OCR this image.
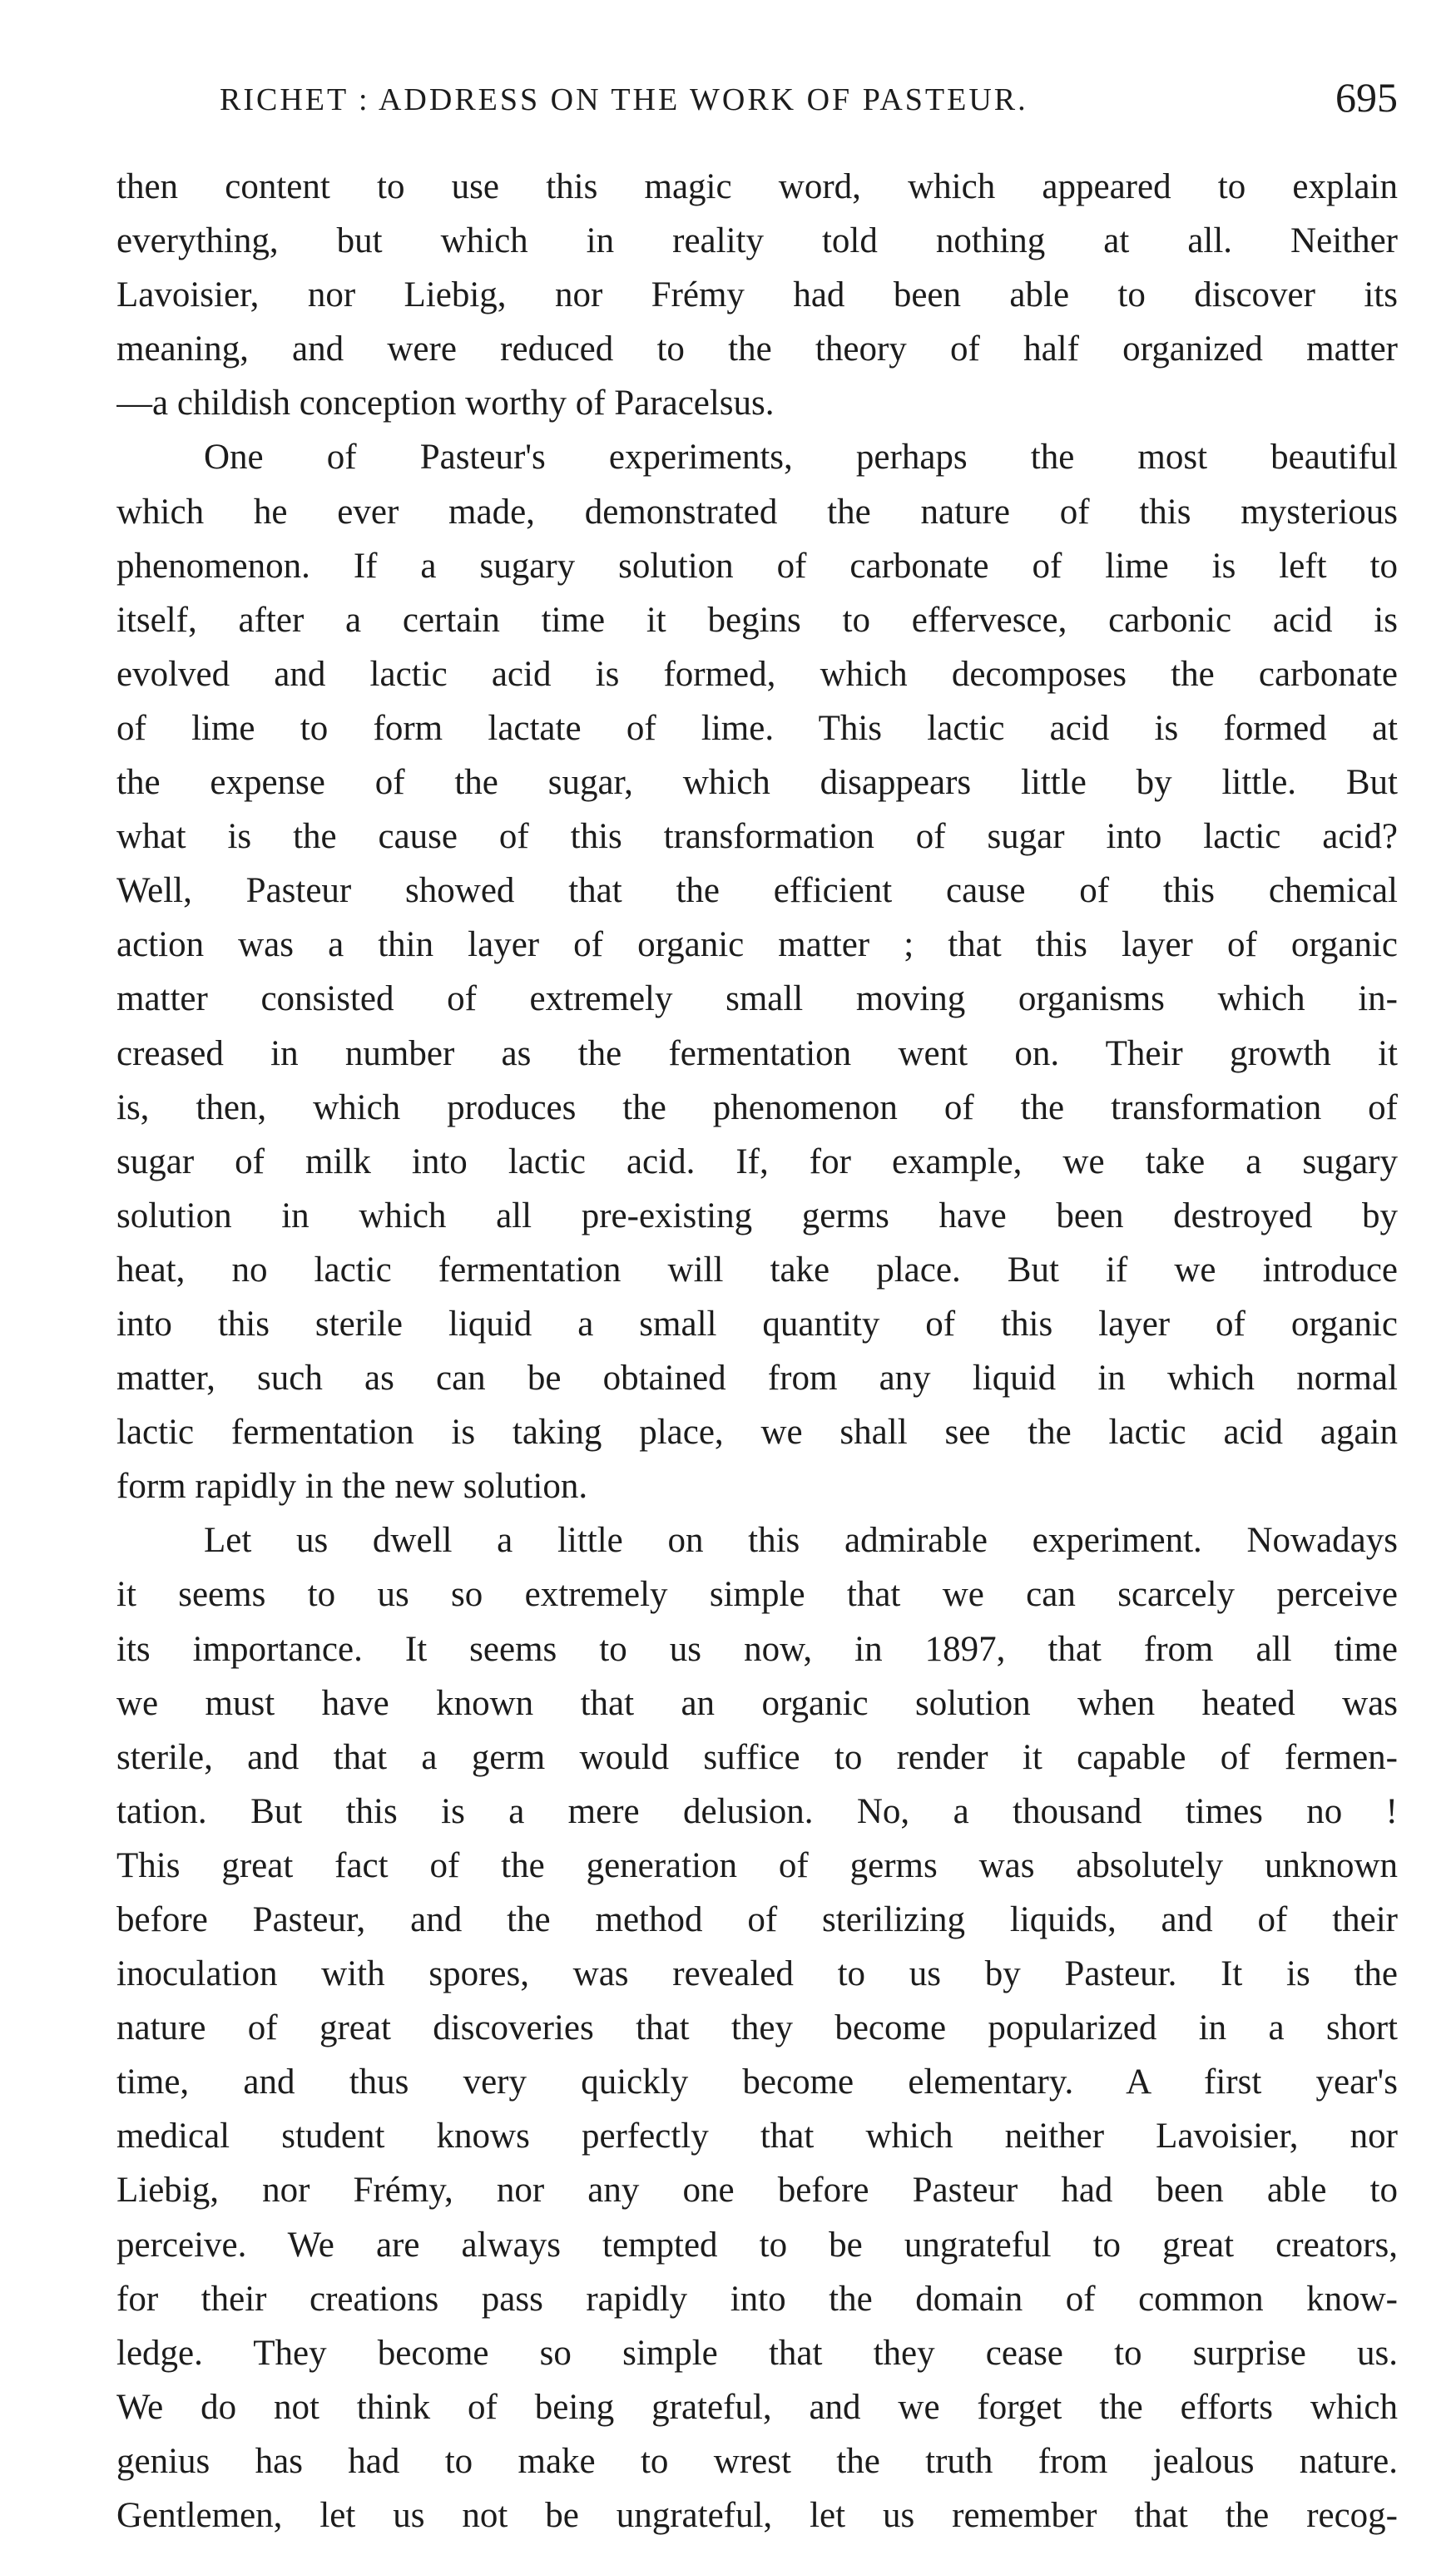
RICHET : ADDRESS ON THE WORK OF PASTEUR.	695
then content to use this magic word, which appeared to explain
everything, but which in reality told nothing at all. Neither
Lavoisier, nor Liebig, nor Frémy had been able to discover its
meaning, and were reduced to the theory of half organized matter
—a childish conception worthy of Paracelsus.
One of Pasteur's experiments, perhaps the most beautiful
which he ever made, demonstrated the nature of this mysterious
phenomenon. If a sugary solution of carbonate of lime is left to
itself, after a certain time it begins to effervesce, carbonic acid is
evolved and lactic acid is formed, which decomposes the carbonate
of lime to form lactate of lime. This lactic acid is formed at
the expense of the sugar, which disappears little by little. But
what is the cause of this transformation of sugar into lactic acid?
Well, Pasteur showed that the efficient cause of this chemical
action was a thin layer of organic matter ; that this layer of organic
matter consisted of extremely small moving organisms which in-
creased in number as the fermentation went on. Their growth it
is, then, which produces the phenomenon of the transformation of
sugar of milk into lactic acid. If, for example, we take a sugary
solution in which all pre-existing germs have been destroyed by
heat, no lactic fermentation will take place. But if we introduce
into this sterile liquid a small quantity of this layer of organic
matter, such as can be obtained from any liquid in which normal
lactic fermentation is taking place, we shall see the lactic acid again
form rapidly in the new solution.
Let us dwell a little on this admirable experiment. Nowadays
it seems to us so extremely simple that we can scarcely perceive
its importance. It seems to us now, in 1897, that from all time
we must have known that an organic solution when heated was
sterile, and that a germ would suffice to render it capable of fermen-
tation. But this is a mere delusion. No, a thousand times no !
This great fact of the generation of germs was absolutely unknown
before Pasteur, and the method of sterilizing liquids, and of their
inoculation with spores, was revealed to us by Pasteur. It is the
nature of great discoveries that they become popularized in a short
time, and thus very quickly become elementary. A first year's
medical student knows perfectly that which neither Lavoisier, nor
Liebig, nor Frémy, nor any one before Pasteur had been able to
perceive. We are always tempted to be ungrateful to great creators,
for their creations pass rapidly into the domain of common know-
ledge. They become so simple that they cease to surprise us.
We do not think of being grateful, and we forget the efforts which
genius has had to make to wrest the truth from jealous nature.
Gentlemen, let us not be ungrateful, let us remember that the recog-
